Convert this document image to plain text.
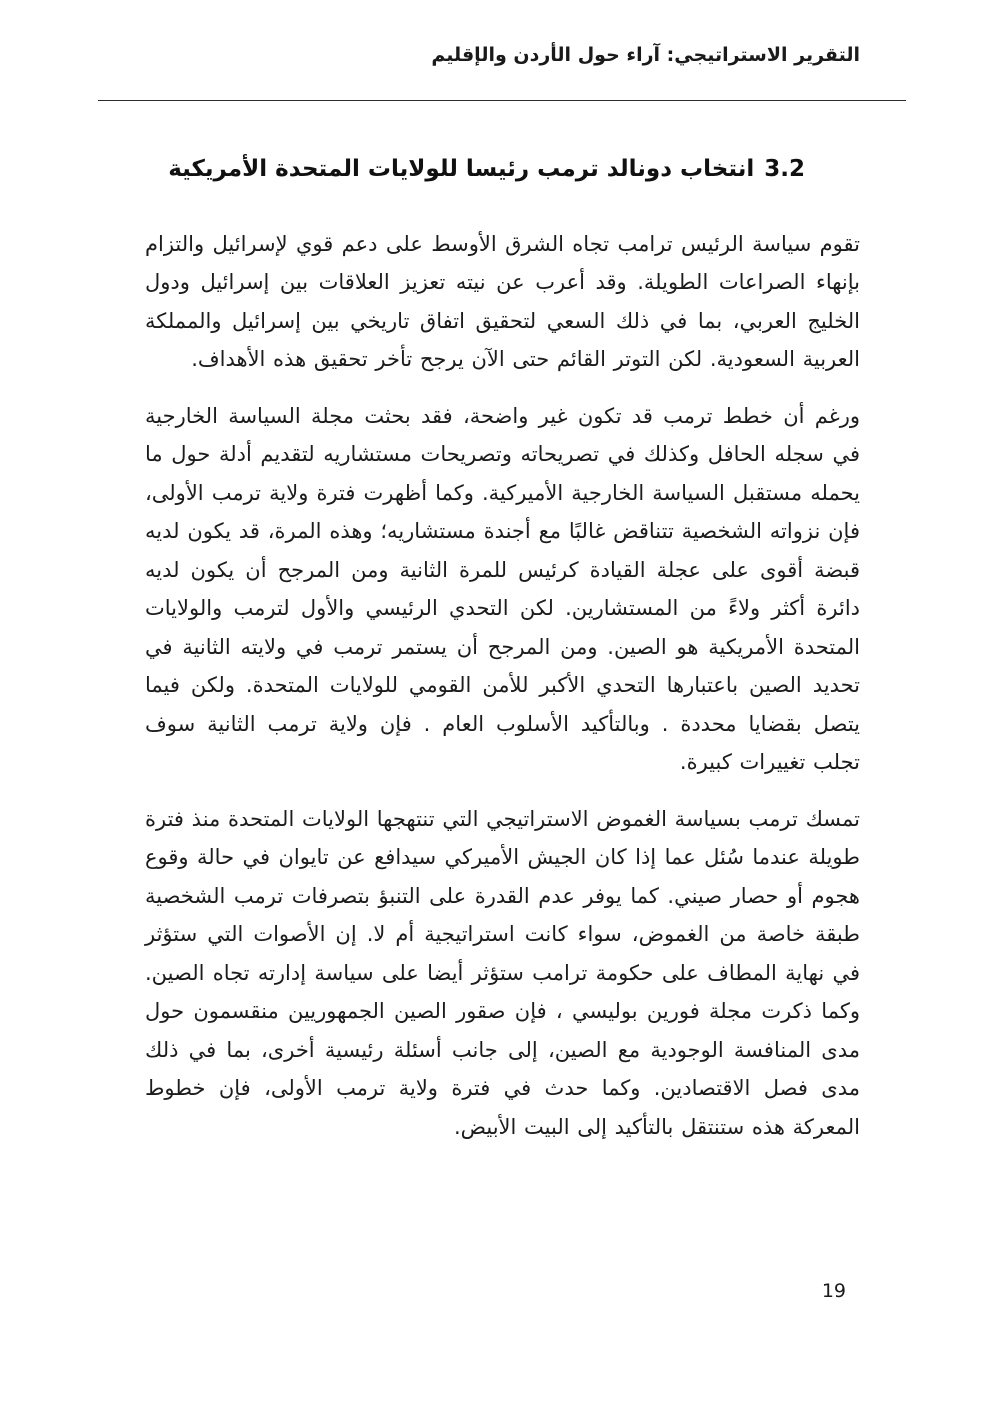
التقرير الاستراتيجي: آراء حول الأردن والإقليم
3.2انتخاب دونالد ترمب رئيسا للولايات المتحدة الأمريكية

تقوم سياسة الرئيس ترامب تجاه الشرق الأوسط على دعم قوي لإسرائيل والتزام بإنهاء الصراعات الطويلة. وقد أعرب عن نيته تعزيز العلاقات بين إسرائيل ودول الخليج العربي، بما في ذلك السعي لتحقيق اتفاق تاريخي بين إسرائيل والمملكة العربية السعودية. لكن التوتر القائم حتى الآن يرجح تأخر تحقيق هذه الأهداف.

ورغم أن خطط ترمب قد تكون غير واضحة، فقد بحثت مجلة السياسة الخارجية في سجله الحافل وكذلك في تصريحاته وتصريحات مستشاريه لتقديم أدلة حول ما يحمله مستقبل السياسة الخارجية الأميركية. وكما أظهرت فترة ولاية ترمب الأولى، فإن نزواته الشخصية تتناقض غالبًا مع أجندة مستشاريه؛ وهذه المرة، قد يكون لديه قبضة أقوى على عجلة القيادة كرئيس للمرة الثانية ومن المرجح أن يكون لديه دائرة أكثر ولاءً من المستشارين. لكن التحدي الرئيسي والأول لترمب والولايات المتحدة الأمريكية هو الصين. ومن المرجح أن يستمر ترمب في ولايته الثانية في تحديد الصين باعتبارها التحدي الأكبر للأمن القومي للولايات المتحدة. ولكن فيما يتصل بقضايا محددة . وبالتأكيد الأسلوب العام . فإن ولاية ترمب الثانية سوف تجلب تغييرات كبيرة.

تمسك ترمب بسياسة الغموض الاستراتيجي التي تنتهجها الولايات المتحدة منذ فترة طويلة عندما سُئل عما إذا كان الجيش الأميركي سيدافع عن تايوان في حالة وقوع هجوم أو حصار صيني. كما يوفر عدم القدرة على التنبؤ بتصرفات ترمب الشخصية طبقة خاصة من الغموض، سواء كانت استراتيجية أم لا. إن الأصوات التي ستؤثر في نهاية المطاف على حكومة ترامب ستؤثر أيضا على سياسة إدارته تجاه الصين. وكما ذكرت مجلة فورين بوليسي ، فإن صقور الصين الجمهوريين منقسمون حول مدى المنافسة الوجودية مع الصين، إلى جانب أسئلة رئيسية أخرى، بما في ذلك مدى فصل الاقتصادين. وكما حدث في فترة ولاية ترمب الأولى، فإن خطوط المعركة هذه ستنتقل بالتأكيد إلى البيت الأبيض.

19
